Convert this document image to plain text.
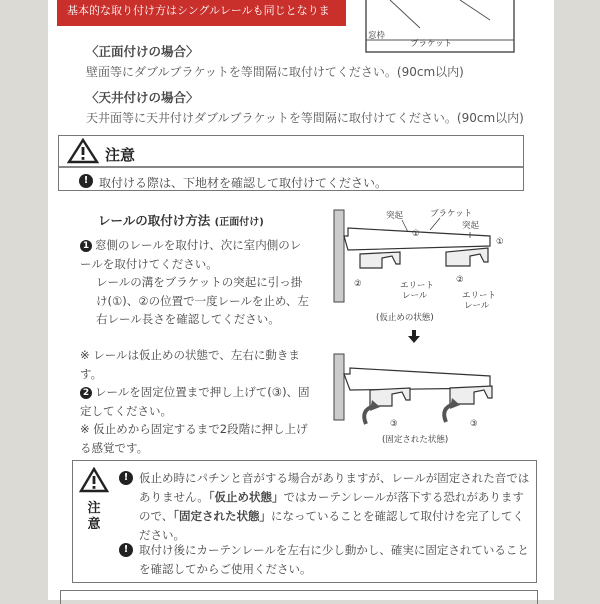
基本的な取り付け方はシングルレールも同じとなります。	窓枠
ブラケット
〈正面付けの場合〉
壁面等にダブルブラケットを等間隔に取付けてください。(90cm以内)
〈天井付けの場合〉
天井面等に天井付けダブルブラケットを等間隔に取付けてください。(90cm以内)
注意
! 取付ける際は、下地材を確認して取付けてください。
レールの取付け方法 (正面付け)
1 窓側のレールを取付け、次に室内側のレールを取付けてください。
レールの溝をブラケットの突起に引っ掛け(①)、②の位置で一度レールを止め、左右レール長さを確認してください。
※ レールは仮止めの状態で、左右に動きます。
2 レールを固定位置まで押し上げて(③)、固定してください。
※ 仮止めから固定するまで2段階に押し上げる感覚です。
突起	ブラケット
突起
①
①
②	②
エリート
レール	エリート
レール
(仮止めの状態)
③	③
(固定された状態)
注
意
! 仮止め時にパチンと音がする場合がありますが、レールが固定された音ではありません。「仮止め状態」ではカーテンレールが落下する恐れがありますので、「固定された状態」になっていることを確認して取付けを完了してください。
! 取付け後にカーテンレールを左右に少し動かし、確実に固定されていることを確認してからご使用ください。
